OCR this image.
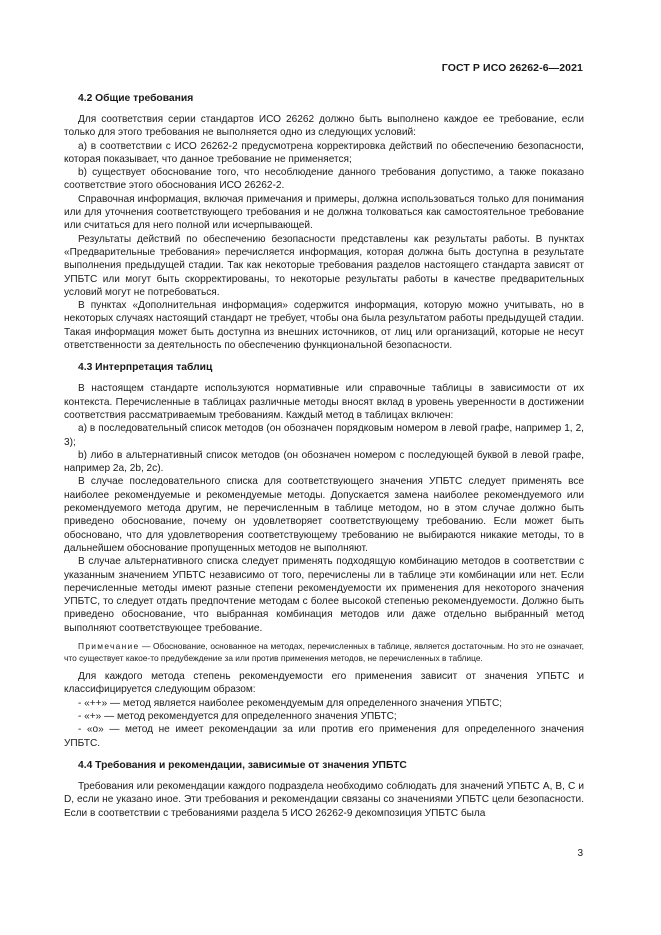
ГОСТ Р ИСО 26262-6—2021
4.2 Общие требования

Для соответствия серии стандартов ИСО 26262 должно быть выполнено каждое ее требование, если только для этого требования не выполняется одно из следующих условий:

а) в соответствии с ИСО 26262-2 предусмотрена корректировка действий по обеспечению безопасности, которая показывает, что данное требование не применяется;

b) существует обоснование того, что несоблюдение данного требования допустимо, а также показано соответствие этого обоснования ИСО 26262-2.

Справочная информация, включая примечания и примеры, должна использоваться только для понимания или для уточнения соответствующего требования и не должна толковаться как самостоятельное требование или считаться для него полной или исчерпывающей.

Результаты действий по обеспечению безопасности представлены как результаты работы. В пунктах «Предварительные требования» перечисляется информация, которая должна быть доступна в результате выполнения предыдущей стадии. Так как некоторые требования разделов настоящего стандарта зависят от УПБТС или могут быть скорректированы, то некоторые результаты работы в качестве предварительных условий могут не потребоваться.

В пунктах «Дополнительная информация» содержится информация, которую можно учитывать, но в некоторых случаях настоящий стандарт не требует, чтобы она была результатом работы предыдущей стадии. Такая информация может быть доступна из внешних источников, от лиц или организаций, которые не несут ответственности за деятельность по обеспечению функциональной безопасности.

4.3 Интерпретация таблиц

В настоящем стандарте используются нормативные или справочные таблицы в зависимости от их контекста. Перечисленные в таблицах различные методы вносят вклад в уровень уверенности в достижении соответствия рассматриваемым требованиям. Каждый метод в таблицах включен:

а) в последовательный список методов (он обозначен порядковым номером в левой графе, например 1, 2, 3);

b) либо в альтернативный список методов (он обозначен номером с последующей буквой в левой графе, например 2a, 2b, 2c).

В случае последовательного списка для соответствующего значения УПБТС следует применять все наиболее рекомендуемые и рекомендуемые методы. Допускается замена наиболее рекомендуемого или рекомендуемого метода другим, не перечисленным в таблице методом, но в этом случае должно быть приведено обоснование, почему он удовлетворяет соответствующему требованию. Если может быть обосновано, что для удовлетворения соответствующему требованию не выбираются никакие методы, то в дальнейшем обоснование пропущенных методов не выполняют.

В случае альтернативного списка следует применять подходящую комбинацию методов в соответствии с указанным значением УПБТС независимо от того, перечислены ли в таблице эти комбинации или нет. Если перечисленные методы имеют разные степени рекомендуемости их применения для некоторого значения УПБТС, то следует отдать предпочтение методам с более высокой степенью рекомендуемости. Должно быть приведено обоснование, что выбранная комбинация методов или даже отдельно выбранный метод выполняют соответствующее требование.

Примечание — Обоснование, основанное на методах, перечисленных в таблице, является достаточным. Но это не означает, что существует какое-то предубеждение за или против применения методов, не перечисленных в таблице.

Для каждого метода степень рекомендуемости его применения зависит от значения УПБТС и классифицируется следующим образом:

- «++» — метод является наиболее рекомендуемым для определенного значения УПБТС;

- «+» — метод рекомендуется для определенного значения УПБТС;

- «о» — метод не имеет рекомендации за или против его применения для определенного значения УПБТС.

4.4 Требования и рекомендации, зависимые от значения УПБТС

Требования или рекомендации каждого подраздела необходимо соблюдать для значений УПБТС А, В, С и D, если не указано иное. Эти требования и рекомендации связаны со значениями УПБТС цели безопасности. Если в соответствии с требованиями раздела 5 ИСО 26262-9 декомпозиция УПБТС была

3
